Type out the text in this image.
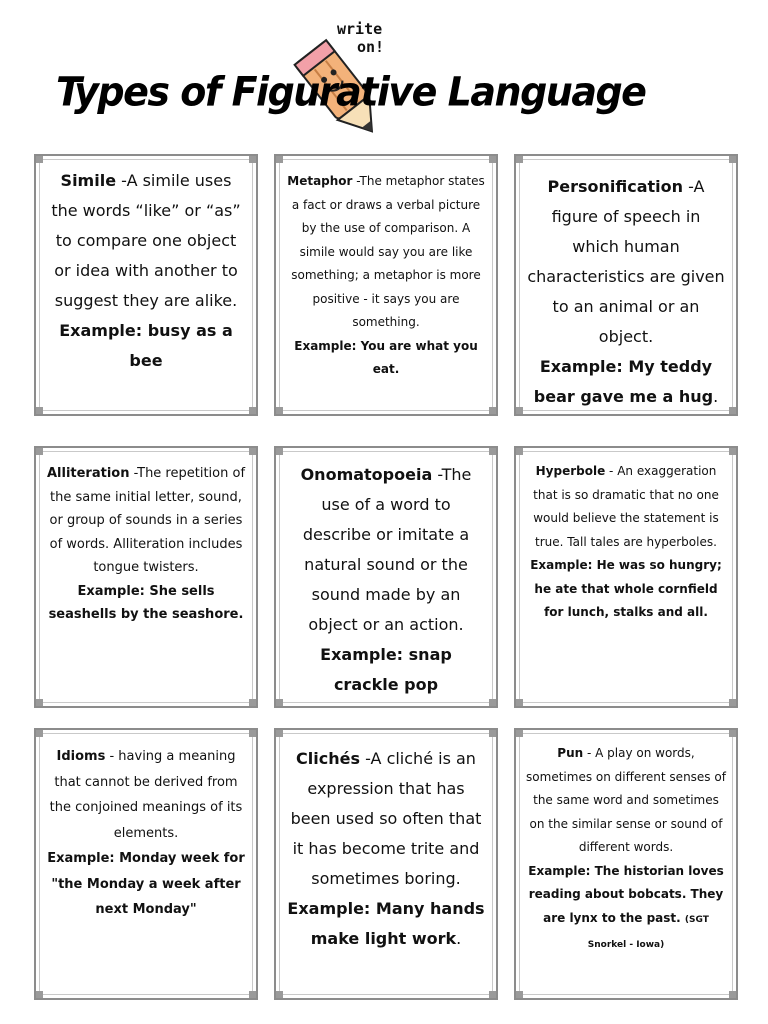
write
on!
Types of Figurative Language
Simile -A simile uses the words “like” or “as” to compare one object or idea with another to suggest they are alike.
Example: busy as a bee
Metaphor -The metaphor states a fact or draws a verbal picture by the use of comparison. A simile would say you are like something; a metaphor is more positive - it says you are something.
Example: You are what you eat.
Personification -A figure of speech in which human characteristics are given to an animal or an object.
Example: My teddy bear gave me a hug.
Alliteration -The repetition of the same initial letter, sound, or group of sounds in a series of words. Alliteration includes tongue twisters.
Example: She sells seashells by the seashore.
Onomatopoeia -The use of a word to describe or imitate a natural sound or the sound made by an object or an action.
Example: snap crackle pop
Hyperbole - An exaggeration that is so dramatic that no one would believe the statement is true. Tall tales are hyperboles.
Example: He was so hungry; he ate that whole cornfield for lunch, stalks and all.
Idioms - having a meaning that cannot be derived from the conjoined meanings of its elements.
Example: Monday week for "the Monday a week after next Monday"
Clichés -A cliché is an expression that has been used so often that it has become trite and sometimes boring.
Example: Many hands make light work.
Pun - A play on words, sometimes on different senses of the same word and sometimes on the similar sense or sound of different words.
Example: The historian loves reading about bobcats. They are lynx to the past. (SGT Snorkel - Iowa)
